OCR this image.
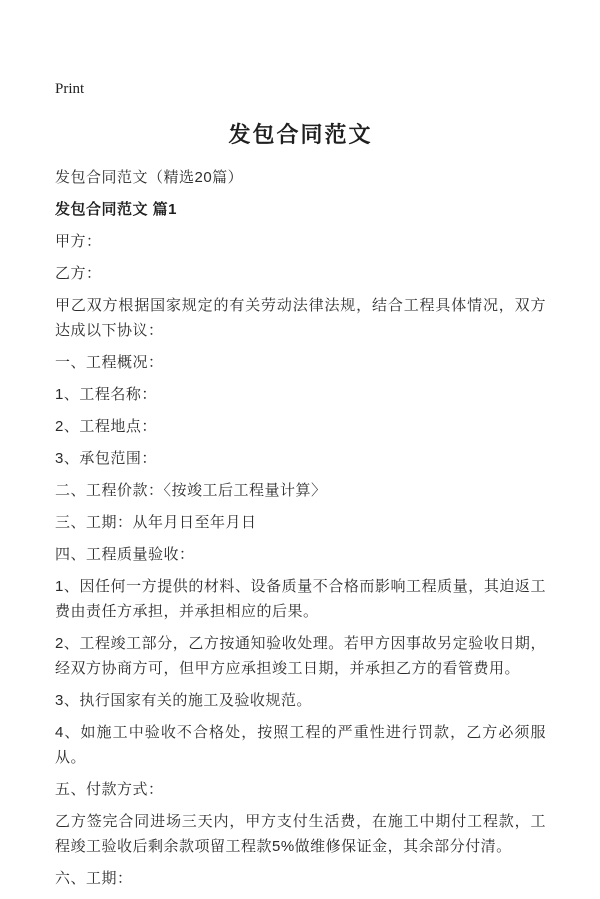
Print
发包合同范文

发包合同范文（精选20篇）

发包合同范文 篇1

甲方：

乙方：

甲乙双方根据国家规定的有关劳动法律法规，结合工程具体情况，双方达成以下协议：

一、工程概况：

1、工程名称：

2、工程地点：

3、承包范围：

二、工程价款：〈按竣工后工程量计算〉

三、工期：从年月日至年月日

四、工程质量验收：

1、因任何一方提供的材料、设备质量不合格而影响工程质量，其迫返工费由责任方承担，并承担相应的后果。

2、工程竣工部分，乙方按通知验收处理。若甲方因事故另定验收日期，经双方协商方可，但甲方应承担竣工日期，并承担乙方的看管费用。

3、执行国家有关的施工及验收规范。

4、如施工中验收不合格处，按照工程的严重性进行罚款，乙方必须服从。

五、付款方式：

乙方签完合同进场三天内，甲方支付生活费，在施工中期付工程款，工程竣工验收后剩余款项留工程款5%做维修保证金，其余部分付清。

六、工期：
